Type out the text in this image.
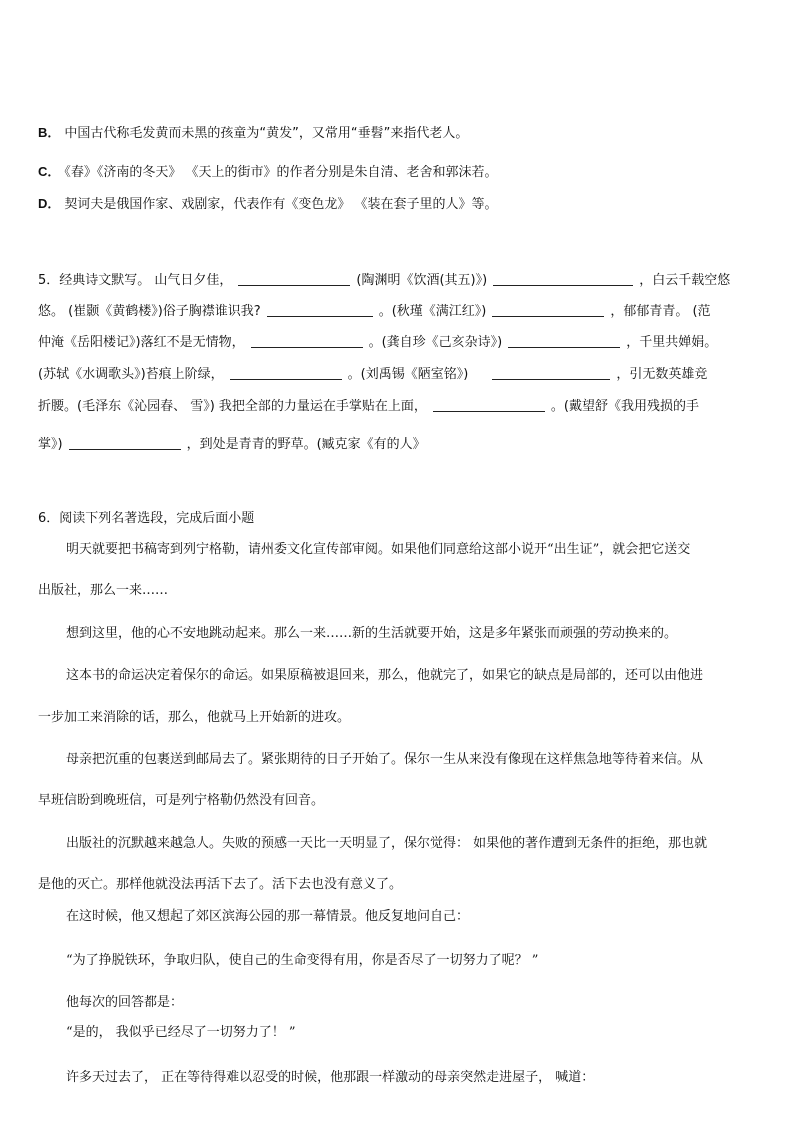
B． 中国古代称毛发黄而未黑的孩童为“黄发”，又常用“垂髫”来指代老人。
C． 《春》《济南的冬天》 《天上的街市》的作者分别是朱自清、老舍和郭沫若。
D． 契诃夫是俄国作家、戏剧家，代表作有《变色龙》 《装在套子里的人》等。
5．经典诗文默写。 山气日夕佳，	(陶渊明《饮酒(其五)》)	，白云千载空悠
悠。 (崔颢《黄鹤楼》)俗子胸襟谁识我?	。(秋瑾《满江红》)	，郁郁青青。 (范
仲淹《岳阳楼记》)落红不是无情物，	。(龚自珍《己亥杂诗》)	，千里共婵娟。
(苏轼《水调歌头》)苔痕上阶绿，	。(刘禹锡《陋室铭》)	，引无数英雄竞
折腰。(毛泽东《沁园春、 雪》) 我把全部的力量运在手掌贴在上面，	。(戴望舒《我用残损的手
掌》)	，到处是青青的野草。(臧克家《有的人》
6．阅读下列名著选段，完成后面小题
明天就要把书稿寄到列宁格勒，请州委文化宣传部审阅。如果他们同意给这部小说开“出生证”，就会把它送交
出版社，那么一来……
想到这里，他的心不安地跳动起来。那么一来……新的生活就要开始，这是多年紧张而顽强的劳动换来的。
这本书的命运决定着保尔的命运。如果原稿被退回来，那么，他就完了，如果它的缺点是局部的，还可以由他进
一步加工来消除的话，那么，他就马上开始新的进攻。
母亲把沉重的包裹送到邮局去了。紧张期待的日子开始了。保尔一生从来没有像现在这样焦急地等待着来信。从
早班信盼到晚班信，可是列宁格勒仍然没有回音。
出版社的沉默越来越急人。失败的预感一天比一天明显了，保尔觉得： 如果他的著作遭到无条件的拒绝，那也就
是他的灭亡。那样他就没法再活下去了。活下去也没有意义了。
在这时候，他又想起了郊区滨海公园的那一幕情景。他反复地问自己：
“为了挣脱铁环，争取归队，使自己的生命变得有用，你是否尽了一切努力了呢？ ”
他每次的回答都是：
“是的， 我似乎已经尽了一切努力了！ ”
许多天过去了， 正在等待得难以忍受的时候，他那跟一样激动的母亲突然走进屋子， 喊道：
